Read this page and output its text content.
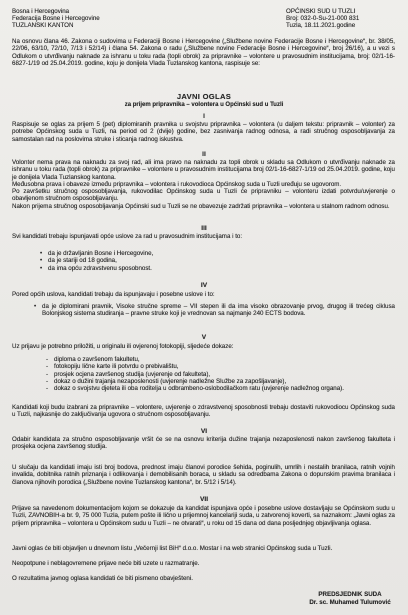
Bosna i Hercegovina
Federacija Bosne i Hercegovine
TUZLANSKI KANTON
OPĆINSKI SUD U TUZLI
Broj: 032-0-Su-21-000 831
Tuzla, 18.11.2021.godine
Na osnovu člana 46. Zakona o sudovima u Federaciji Bosne i Hercegovine („Službene novine Federacije Bosne i Hercegovine“, br. 38/05, 22/06, 63/10, 72/10, 7/13 i 52/14) i člana 54. Zakona o radu („Službene novine Federacije Bosne i Hercegovine“, broj 26/16), a u vezi s Odlukom o utvrđivanju naknade za ishranu u toku rada (topli obrok) za pripravnike – volontere u pravosudnim institucijama, broj: 02/1-16-6827-1/19 od 25.04.2019. godine, koju je donijela Vlada Tuzlanskog kantona, raspisuje se:
JAVNI OGLAS
za prijem pripravnika – volontera u Općinski sud u Tuzli
I

Raspisuje se oglas za prijem 5 (pet) diplomiranih pravnika u svojstvu pripravnika – volontera (u daljem tekstu: pripravnik – volonter) za potrebe Općinskog suda u Tuzli, na period od 2 (dvije) godine, bez zasnivanja radnog odnosa, a radi stručnog osposobljavanja za samostalan rad na poslovima struke i sticanja radnog iskustva.

II

Volonter nema prava na naknadu za svoj rad, ali ima pravo na naknadu za topli obrok u skladu sa Odlukom o utvrđivanju naknade za ishranu u toku rada (topli obrok) za pripravnike – volontere u pravosudnim institucijama broj 02/1-16-6827-1/19 od 25.04.2019. godine, koju je donijela Vlada Tuzlanskog kantona.

Međusobna prava i obaveze između pripravnika – volontera i rukovodioca Općinskog suda u Tuzli uređuju se ugovorom.

Po završetku stručnog osposobljavanja, rukovodilac Općinskog suda u Tuzli će pripravniku – volonteru izdati potvrdu/uvjerenje o obavljenom stručnom osposobljavanju.

Nakon prijema stručnog osposobljavanja Općinski sud u Tuzli se ne obavezuje zadržati pripravnika – volontera u stalnom radnom odnosu.

III
Svi kandidati trebaju ispunjavati opće uslove za rad u pravosudnim institucijama i to:
• da je državljanin Bosne i Hercegovine,
• da je stariji od 18 godina,
• da ima opću zdravstvenu sposobnost.
IV
Pored općih uslova, kandidati trebaju da ispunjavaju i posebne uslove i to:
• da je diplomirani pravnik, Visoke stručne spreme – VII stepen ili da ima visoko obrazovanje prvog, drugog ili trećeg ciklusa Bolonjskog sistema studiranja – pravne struke koji je vrednovan sa najmanje 240 ECTS bodova.
V
Uz prijavu je potrebno priložiti, u originalu ili ovjerenoj fotokopiji, sljedeće dokaze:
- diploma o završenom fakultetu,
- fotokopiju lične karte ili potvrdu o prebivalištu,
- prosjek ocjena završenog studija (uvjerenje od fakulteta),
- dokaz o dužini trajanja nezaposlenosti (uvjerenje nadležne Službe za zapošljavanje),
- dokaz o svojstvu djeteta ili oba roditelja u odbrambeno-oslobodilačkom ratu (uvjerenje nadležnog organa).
Kandidati koji budu izabrani za pripravnike – volontere, uvjerenje o zdravstvenoj sposobnosti trebaju dostaviti rukovodiocu Općinskog suda u Tuzli, najkasnije do zaključivanja ugovora o stručnom osposobljavanju.
VI
Odabir kandidata za stručno osposobljavanje vršit će se na osnovu kriterija dužine trajanja nezaposlenosti nakon završenog fakulteta i prosjeka ocjena završenog studija.
U slučaju da kandidati imaju isti broj bodova, prednost imaju članovi porodice šehida, poginulih, umrlih i nestalih branilaca, ratnih vojnih invalida, dobitnika ratnih priznanja i odlikovanja i demobilisanih boraca, u skladu sa odredbama Zakona o dopunskim pravima branilaca i članova njihovih porodica („Službene novine Tuzlanskog kantona“, br. 5/12 i 5/14).
VII
Prijave sa navedenom dokumentacijom kojom se dokazuje da kandidat ispunjava opće i posebne uslove dostavljaju se Općinskom sudu u Tuzli, ZAVNOBIH-a br. 9, 75 000 Tuzla, putem pošte ili lično u prijemnoj kancelariji suda, u zatvorenoj koverti, sa naznakom: „Javni oglas za prijem pripravnika – volontera u Općinskom sudu u Tuzli – ne otvarati“, u roku od 15 dana od dana posljednjeg objavljivanja oglasa.
Javni oglas će biti objavljen u dnevnom listu „Večernji list BiH“ d.o.o. Mostar i na web stranici Općinskog suda u Tuzli.
Neopotpune i neblagovremene prijave neće biti uzete u razmatranje.
O rezultatima javnog oglasa kandidati će biti pismeno obavješteni.
PREDSJEDNIK SUDA
Dr. sc. Muhamed Tulumović
